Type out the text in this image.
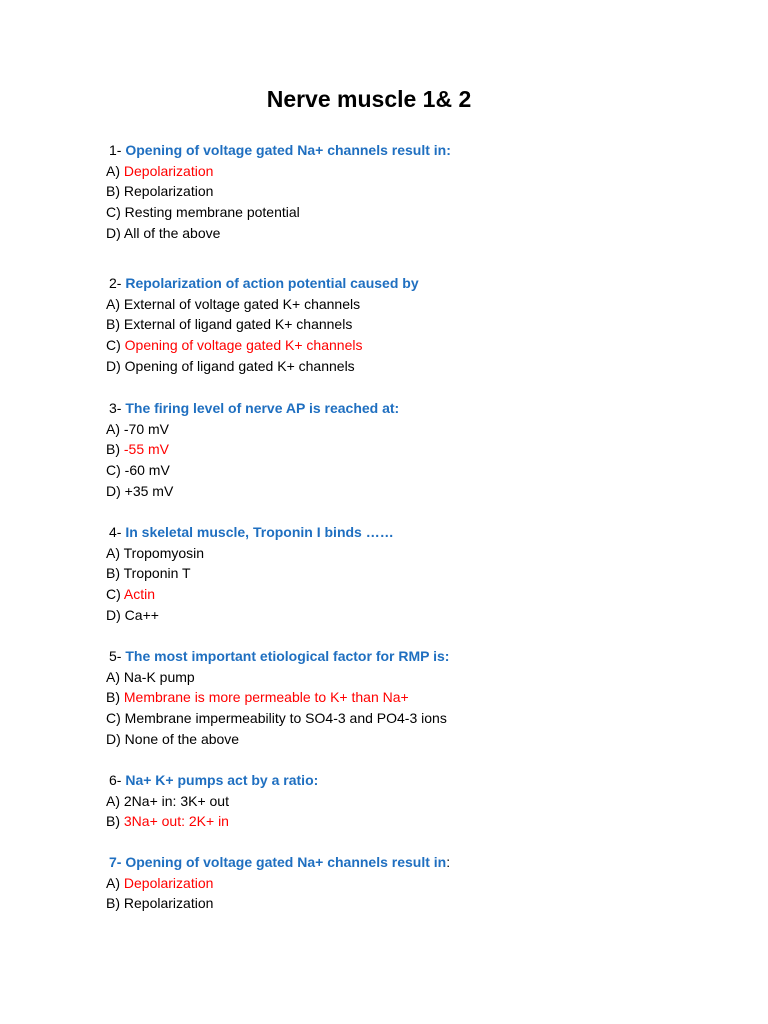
Nerve muscle 1& 2
1- Opening of voltage gated Na+ channels result in:
A) Depolarization
B) Repolarization
C) Resting membrane potential
D) All of the above
2- Repolarization of action potential caused by
A) External of voltage gated K+ channels
B) External of ligand gated K+ channels
C) Opening of voltage gated K+ channels
D) Opening of ligand gated K+ channels
3- The firing level of nerve AP is reached at:
A) -70 mV
B) -55 mV
C) -60 mV
D) +35 mV
4- In skeletal muscle, Troponin I binds ……
A) Tropomyosin
B) Troponin T
C) Actin
D) Ca++
5- The most important etiological factor for RMP is:
A) Na-K pump
B) Membrane is more permeable to K+ than Na+
C) Membrane impermeability to SO4-3 and PO4-3 ions
D) None of the above
6- Na+ K+ pumps act by a ratio:
A) 2Na+ in: 3K+ out
B) 3Na+ out: 2K+ in
7- Opening of voltage gated Na+ channels result in:
A) Depolarization
B) Repolarization
